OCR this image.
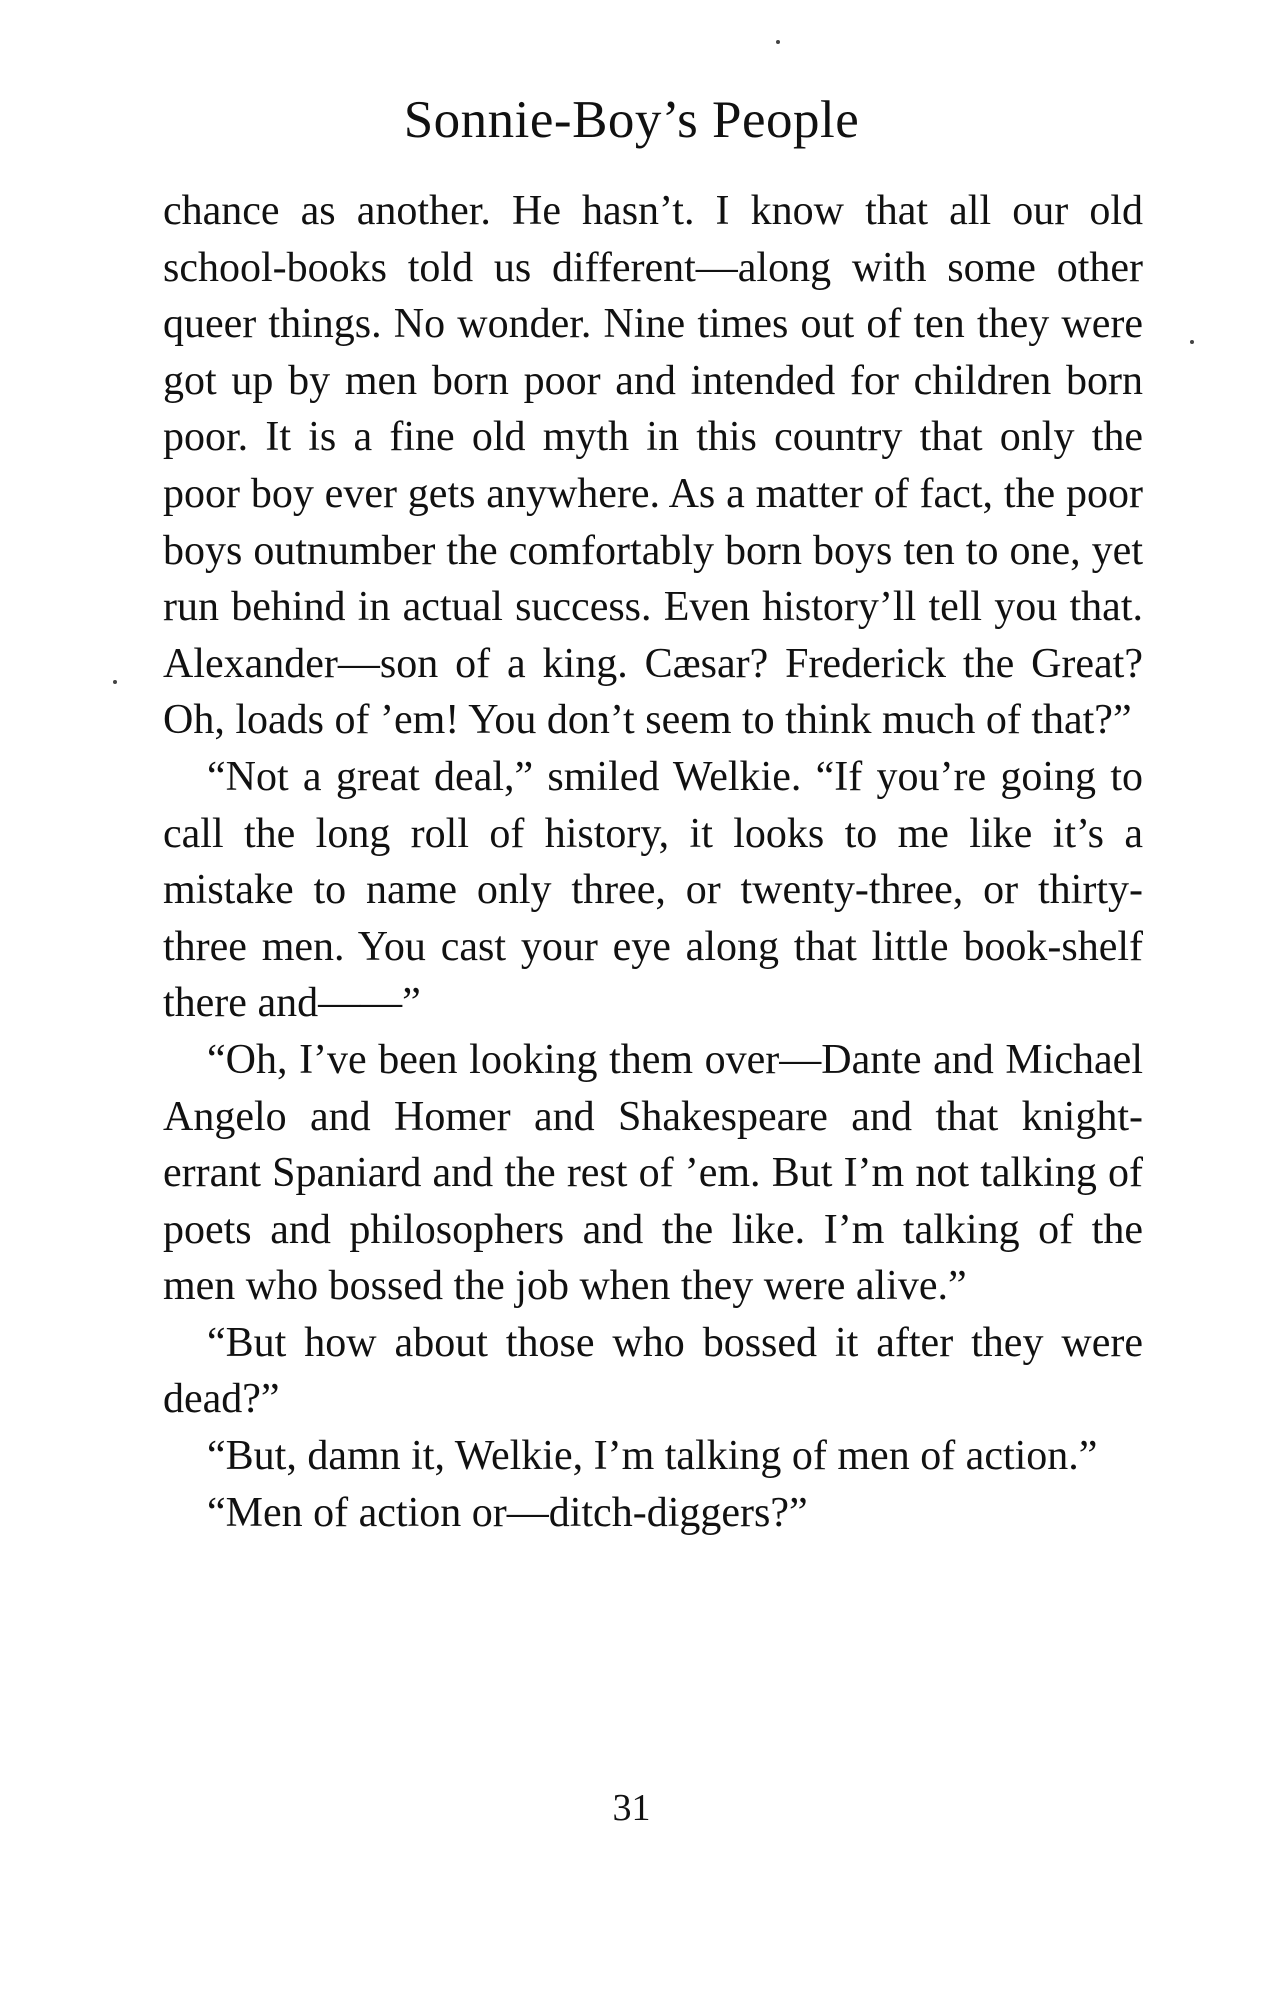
Sonnie-Boy’s People

chance as another. He hasn’t. I know that all our old school-books told us different—along with some other queer things. No wonder. Nine times out of ten they were got up by men born poor and intended for children born poor. It is a fine old myth in this country that only the poor boy ever gets anywhere. As a matter of fact, the poor boys outnumber the comfortably born boys ten to one, yet run behind in actual success. Even history’ll tell you that. Alexander—son of a king. Cæsar? Frederick the Great? Oh, loads of ’em! You don’t seem to think much of that?”

“Not a great deal,” smiled Welkie. “If you’re going to call the long roll of history, it looks to me like it’s a mistake to name only three, or twenty-three, or thirty-three men. You cast your eye along that little book-shelf there and——”

“Oh, I’ve been looking them over—Dante and Michael Angelo and Homer and Shakespeare and that knight-errant Spaniard and the rest of ’em. But I’m not talking of poets and philosophers and the like. I’m talking of the men who bossed the job when they were alive.”

“But how about those who bossed it after they were dead?”

“But, damn it, Welkie, I’m talking of men of action.”

“Men of action or—ditch-diggers?”

31
